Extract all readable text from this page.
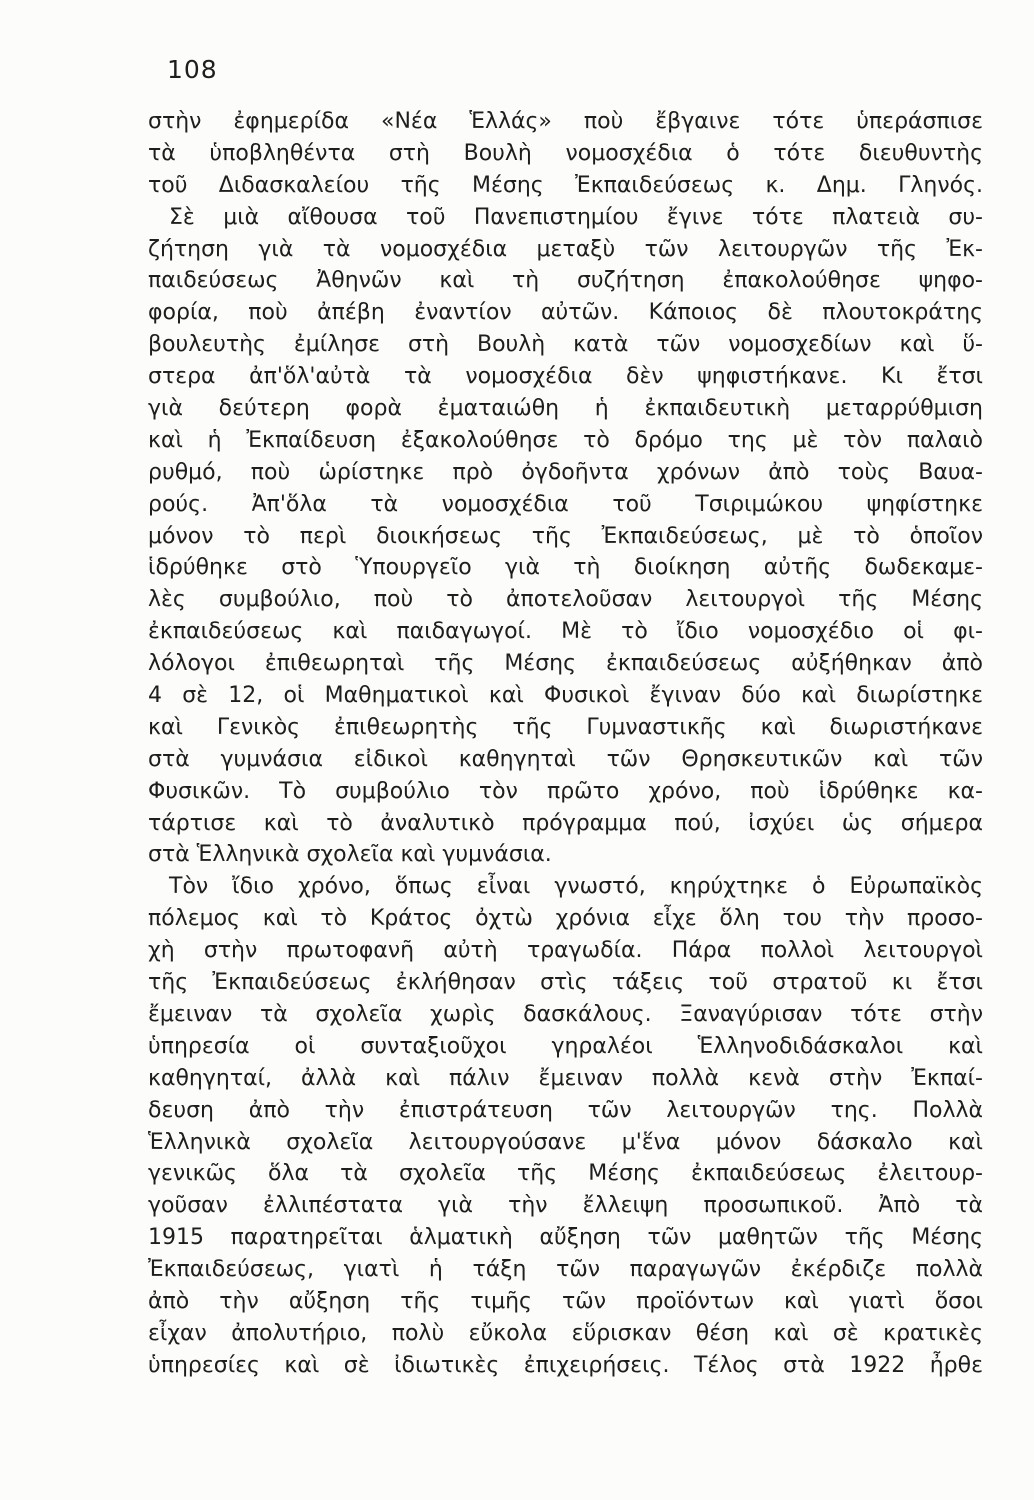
108
στὴν ἐφημερίδα «Νέα Ἑλλάς» ποὺ ἔβγαινε τότε ὑπεράσπισε
τὰ ὑποβληθέντα στὴ Βουλὴ νομοσχέδια ὁ τότε διευθυντὴς
τοῦ Διδασκαλείου τῆς Μέσης Ἐκπαιδεύσεως κ. Δημ. Γληνός.
Σὲ μιὰ αἴθουσα τοῦ Πανεπιστημίου ἔγινε τότε πλατειὰ συ-
ζήτηση γιὰ τὰ νομοσχέδια μεταξὺ τῶν λειτουργῶν τῆς Ἐκ-
παιδεύσεως Ἀθηνῶν καὶ τὴ συζήτηση ἐπακολούθησε ψηφο-
φορία, ποὺ ἀπέβη ἐναντίον αὐτῶν. Κάποιος δὲ πλουτοκράτης
βουλευτὴς ἐμίλησε στὴ Βουλὴ κατὰ τῶν νομοσχεδίων καὶ ὕ-
στερα ἀπ'ὅλ'αὐτὰ τὰ νομοσχέδια δὲν ψηφιστήκανε. Κι ἔτσι
γιὰ δεύτερη φορὰ ἐματαιώθη ἡ ἐκπαιδευτικὴ μεταρρύθμιση
καὶ ἡ Ἐκπαίδευση ἐξακολούθησε τὸ δρόμο της μὲ τὸν παλαιὸ
ρυθμό, ποὺ ὡρίστηκε πρὸ ὀγδοῆντα χρόνων ἀπὸ τοὺς Βαυα-
ρούς. Ἀπ'ὅλα τὰ νομοσχέδια τοῦ Τσιριμώκου ψηφίστηκε
μόνον τὸ περὶ διοικήσεως τῆς Ἐκπαιδεύσεως, μὲ τὸ ὁποῖον
ἱδρύθηκε στὸ Ὑπουργεῖο γιὰ τὴ διοίκηση αὐτῆς δωδεκαμε-
λὲς συμβούλιο, ποὺ τὸ ἀποτελοῦσαν λειτουργοὶ τῆς Μέσης
ἐκπαιδεύσεως καὶ παιδαγωγοί. Μὲ τὸ ἴδιο νομοσχέδιο οἱ φι-
λόλογοι ἐπιθεωρηταὶ τῆς Μέσης ἐκπαιδεύσεως αὐξήθηκαν ἀπὸ
4 σὲ 12, οἱ Μαθηματικοὶ καὶ Φυσικοὶ ἔγιναν δύο καὶ διωρίστηκε
καὶ Γενικὸς ἐπιθεωρητὴς τῆς Γυμναστικῆς καὶ διωριστήκανε
στὰ γυμνάσια εἰδικοὶ καθηγηταὶ τῶν Θρησκευτικῶν καὶ τῶν
Φυσικῶν. Τὸ συμβούλιο τὸν πρῶτο χρόνο, ποὺ ἱδρύθηκε κα-
τάρτισε καὶ τὸ ἀναλυτικὸ πρόγραμμα πού, ἰσχύει ὡς σήμερα
στὰ Ἑλληνικὰ σχολεῖα καὶ γυμνάσια.
Τὸν ἴδιο χρόνο, ὅπως εἶναι γνωστό, κηρύχτηκε ὁ Εὐρωπαϊκὸς
πόλεμος καὶ τὸ Κράτος ὀχτὼ χρόνια εἶχε ὅλη του τὴν προσο-
χὴ στὴν πρωτοφανῆ αὐτὴ τραγωδία. Πάρα πολλοὶ λειτουργοὶ
τῆς Ἐκπαιδεύσεως ἐκλήθησαν στὶς τάξεις τοῦ στρατοῦ κι ἔτσι
ἔμειναν τὰ σχολεῖα χωρὶς δασκάλους. Ξαναγύρισαν τότε στὴν
ὑπηρεσία οἱ συνταξιοῦχοι γηραλέοι Ἑλληνοδιδάσκαλοι καὶ
καθηγηταί, ἀλλὰ καὶ πάλιν ἔμειναν πολλὰ κενὰ στὴν Ἐκπαί-
δευση ἀπὸ τὴν ἐπιστράτευση τῶν λειτουργῶν της. Πολλὰ
Ἑλληνικὰ σχολεῖα λειτουργούσανε μ'ἕνα μόνον δάσκαλο καὶ
γενικῶς ὅλα τὰ σχολεῖα τῆς Μέσης ἐκπαιδεύσεως ἐλειτουρ-
γοῦσαν ἐλλιπέστατα γιὰ τὴν ἔλλειψη προσωπικοῦ. Ἀπὸ τὰ
1915 παρατηρεῖται ἁλματικὴ αὔξηση τῶν μαθητῶν τῆς Μέσης
Ἐκπαιδεύσεως, γιατὶ ἡ τάξη τῶν παραγωγῶν ἐκέρδιζε πολλὰ
ἀπὸ τὴν αὔξηση τῆς τιμῆς τῶν προϊόντων καὶ γιατὶ ὅσοι
εἶχαν ἀπολυτήριο, πολὺ εὔκολα εὕρισκαν θέση καὶ σὲ κρατικὲς
ὑπηρεσίες καὶ σὲ ἰδιωτικὲς ἐπιχειρήσεις. Τέλος στὰ 1922 ἦρθε
